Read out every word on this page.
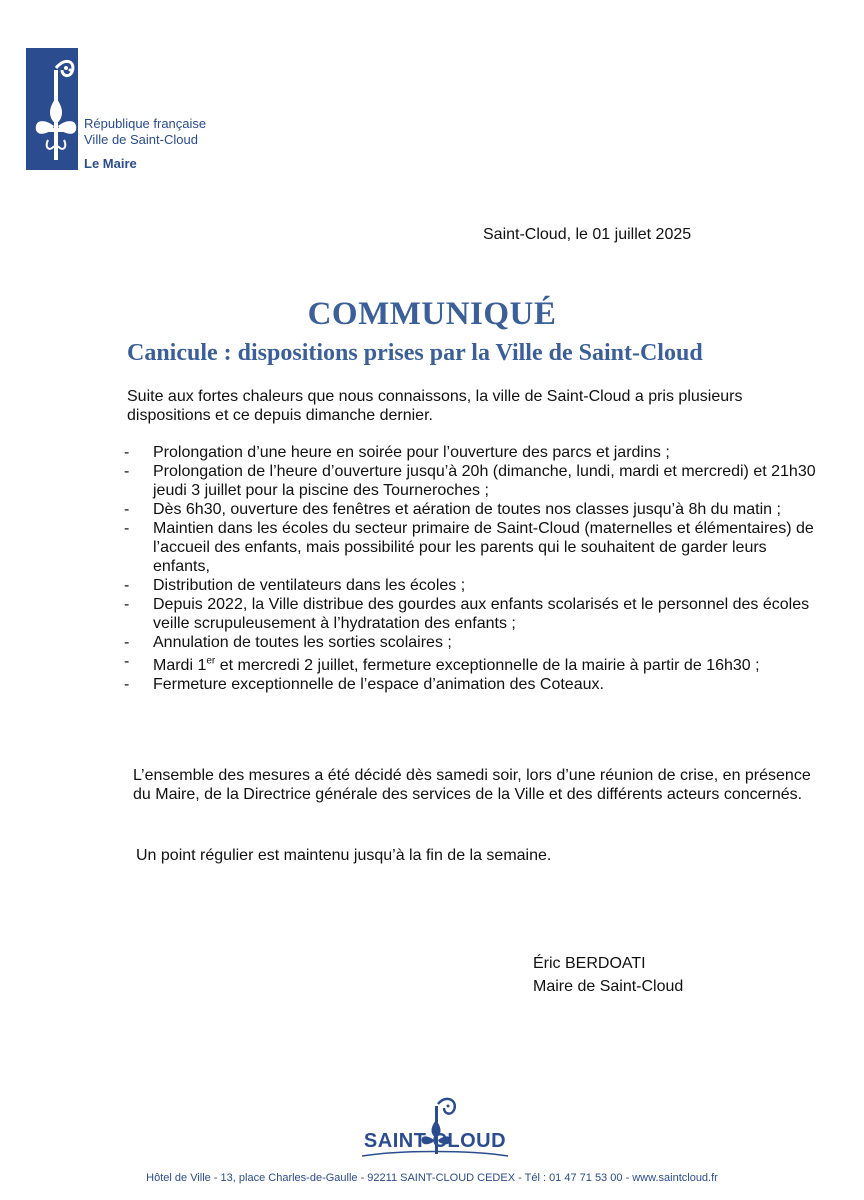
République française
Ville de Saint-Cloud
Le Maire
Saint-Cloud, le 01 juillet 2025
COMMUNIQUÉ
Canicule : dispositions prises par la Ville de Saint-Cloud
Suite aux fortes chaleurs que nous connaissons, la ville de Saint-Cloud a pris plusieurs dispositions et ce depuis dimanche dernier.
- Prolongation d’une heure en soirée pour l’ouverture des parcs et jardins ;
- Prolongation de l’heure d’ouverture jusqu’à 20h (dimanche, lundi, mardi et mercredi) et 21h30 jeudi 3 juillet pour la piscine des Tourneroches ;
- Dès 6h30, ouverture des fenêtres et aération de toutes nos classes jusqu’à 8h du matin ;
- Maintien dans les écoles du secteur primaire de Saint-Cloud (maternelles et élémentaires) de l’accueil des enfants, mais possibilité pour les parents qui le souhaitent de garder leurs enfants,
- Distribution de ventilateurs dans les écoles ;
- Depuis 2022, la Ville distribue des gourdes aux enfants scolarisés et le personnel des écoles veille scrupuleusement à l’hydratation des enfants ;
- Annulation de toutes les sorties scolaires ;
- Mardi 1er et mercredi 2 juillet, fermeture exceptionnelle de la mairie à partir de 16h30 ;
- Fermeture exceptionnelle de l’espace d’animation des Coteaux.
L’ensemble des mesures a été décidé dès samedi soir, lors d’une réunion de crise, en présence du Maire, de la Directrice générale des services de la Ville et des différents acteurs concernés.
Un point régulier est maintenu jusqu’à la fin de la semaine.
Éric BERDOATI
Maire de Saint-Cloud
SAINT CLOUD
Hôtel de Ville - 13, place Charles-de-Gaulle - 92211 SAINT-CLOUD CEDEX - Tél : 01 47 71 53 00 - www.saintcloud.fr
